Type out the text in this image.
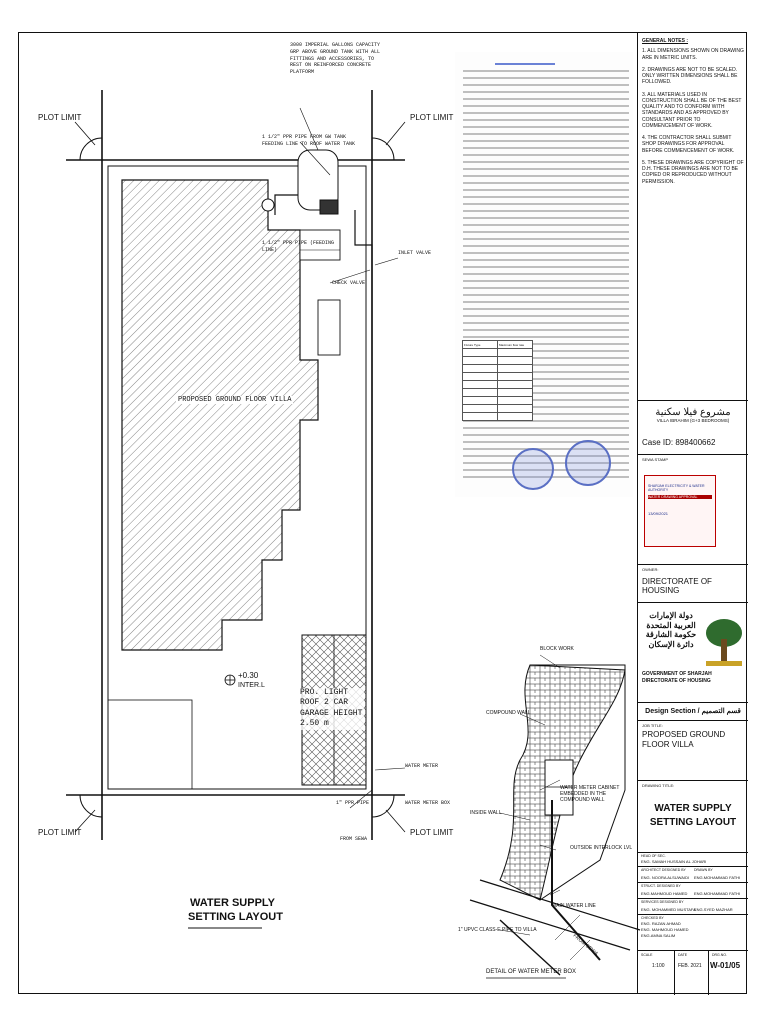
PLOT LIMIT	PLOT LIMIT
PLOT LIMIT	PLOT LIMIT
3000 IMPERIAL GALLONS CAPACITY GRP ABOVE GROUND TANK WITH ALL FITTINGS AND ACCESSORIES, TO REST ON REINFORCED CONCRETE PLATFORM
1 1/2" PPR PIPE FROM GW TANK FEEDING LINE TO ROOF WATER TANK
1 1/2" PPR PIPE (FEEDING LINE)
INLET VALVE
CHECK VALVE
PROPOSED GROUND FLOOR VILLA
PRO. LIGHT ROOF 2 CAR GARAGE HEIGHT 2.50 m
+0.30
INTER.L
WATER METER
WATER METER BOX
1" PPR PIPE
FROM SEWA
WATER SUPPLY
SETTING LAYOUT
BLOCK WORK
COMPOUND WALL
WATER METER CABINET EMBEDDED IN THE COMPOUND WALL
INSIDE WALL
OUTSIDE INTERLOCK LVL
MAIN WATER LINE
FROM SEWA
1" UPVC CLASS-E PIPE TO VILLA
DETAIL OF WATER METER BOX
Fixture Type	Maximum flow rate

GENERAL NOTES :
1. ALL DIMENSIONS SHOWN ON DRAWING ARE IN METRIC UNITS.
2. DRAWINGS ARE NOT TO BE SCALED. ONLY WRITTEN DIMENSIONS SHALL BE FOLLOWED.
3. ALL MATERIALS USED IN CONSTRUCTION SHALL BE OF THE BEST QUALITY AND TO CONFORM WITH STANDARDS AND AS APPROVED BY CONSULTANT PRIOR TO COMMENCEMENT OF WORK.
4. THE CONTRACTOR SHALL SUBMIT SHOP DRAWINGS FOR APPROVAL BEFORE COMMENCEMENT OF WORK.
5. THESE DRAWINGS ARE COPYRIGHT OF D.H. THESE DRAWINGS ARE NOT TO BE COPIED OR REPRODUCED WITHOUT PERMISSION.
مشروع فيلا سكنية
VILLA IBRAHIM (G+3 BEDROOMS)
Case ID: 898400662
SEWA STAMP
SHARJAH ELECTRICITY & WATER AUTHORITY
WATER DRAWING APPROVAL
13/09/2021
OWNER:
DIRECTORATE OF HOUSING
دولة الإمارات العربية المتحدة
حكومة الشارقة
دائرة الإسكان
GOVERNMENT OF SHARJAH
DIRECTORATE OF HOUSING
Design Section / قسم التصميم
JOB TITLE:
PROPOSED GROUND FLOOR VILLA
DRAWING TITLE:
WATER SUPPLY SETTING LAYOUT
HEAD OF SEC.
ENG. SAMAH HUSSAIN AL JOHARI
ARCHITECT DESIGNED BY
ENG. NOORA ALSUWAIDI
DRAWN BY
ENG.MOHAMMAD FATHI
STRUCT. DESIGNED BY
ENG.MAHMOUD HAMED ENG.MOHAMMAD FATHI
SERVICES DESIGNED BY
ENG. MOHAMMED MUSTAFA
ENG.SYED MAZHAR
CHECKED BY
ENG. RAZAN AHMAD
ENG. MAHMOUD HAMED
ENG.AMNA SALIM
SCALE
1:100
DATE
FEB. 2021
DRG.NO.
W-01/05
